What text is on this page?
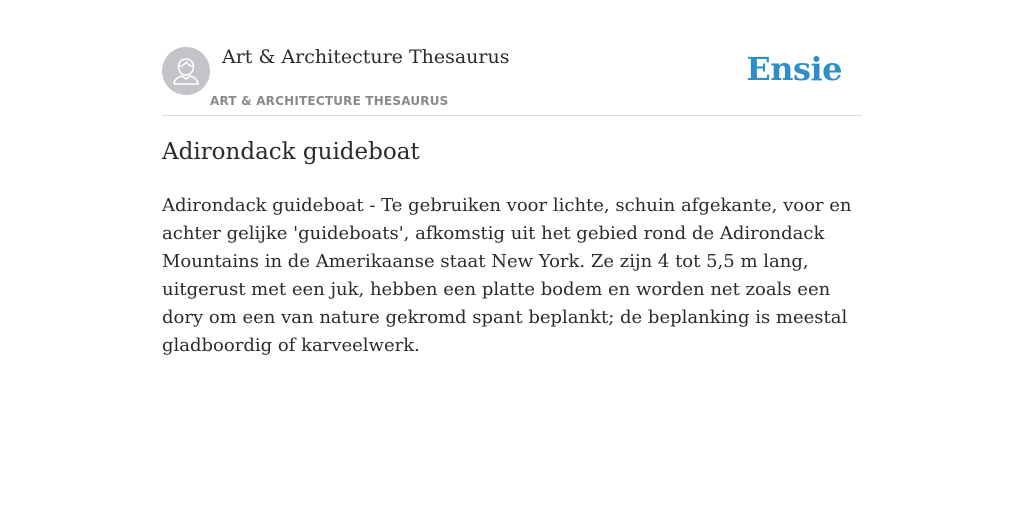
Art & Architecture Thesaurus
ART & ARCHITECTURE THESAURUS
Ensie
Adirondack guideboat

Adirondack guideboat - Te gebruiken voor lichte, schuin afgekante, voor en achter gelijke 'guideboats', afkomstig uit het gebied rond de Adirondack Mountains in de Amerikaanse staat New York. Ze zijn 4 tot 5,5 m lang, uitgerust met een juk, hebben een platte bodem en worden net zoals een dory om een van nature gekromd spant beplankt; de beplanking is meestal gladboordig of karveelwerk.
